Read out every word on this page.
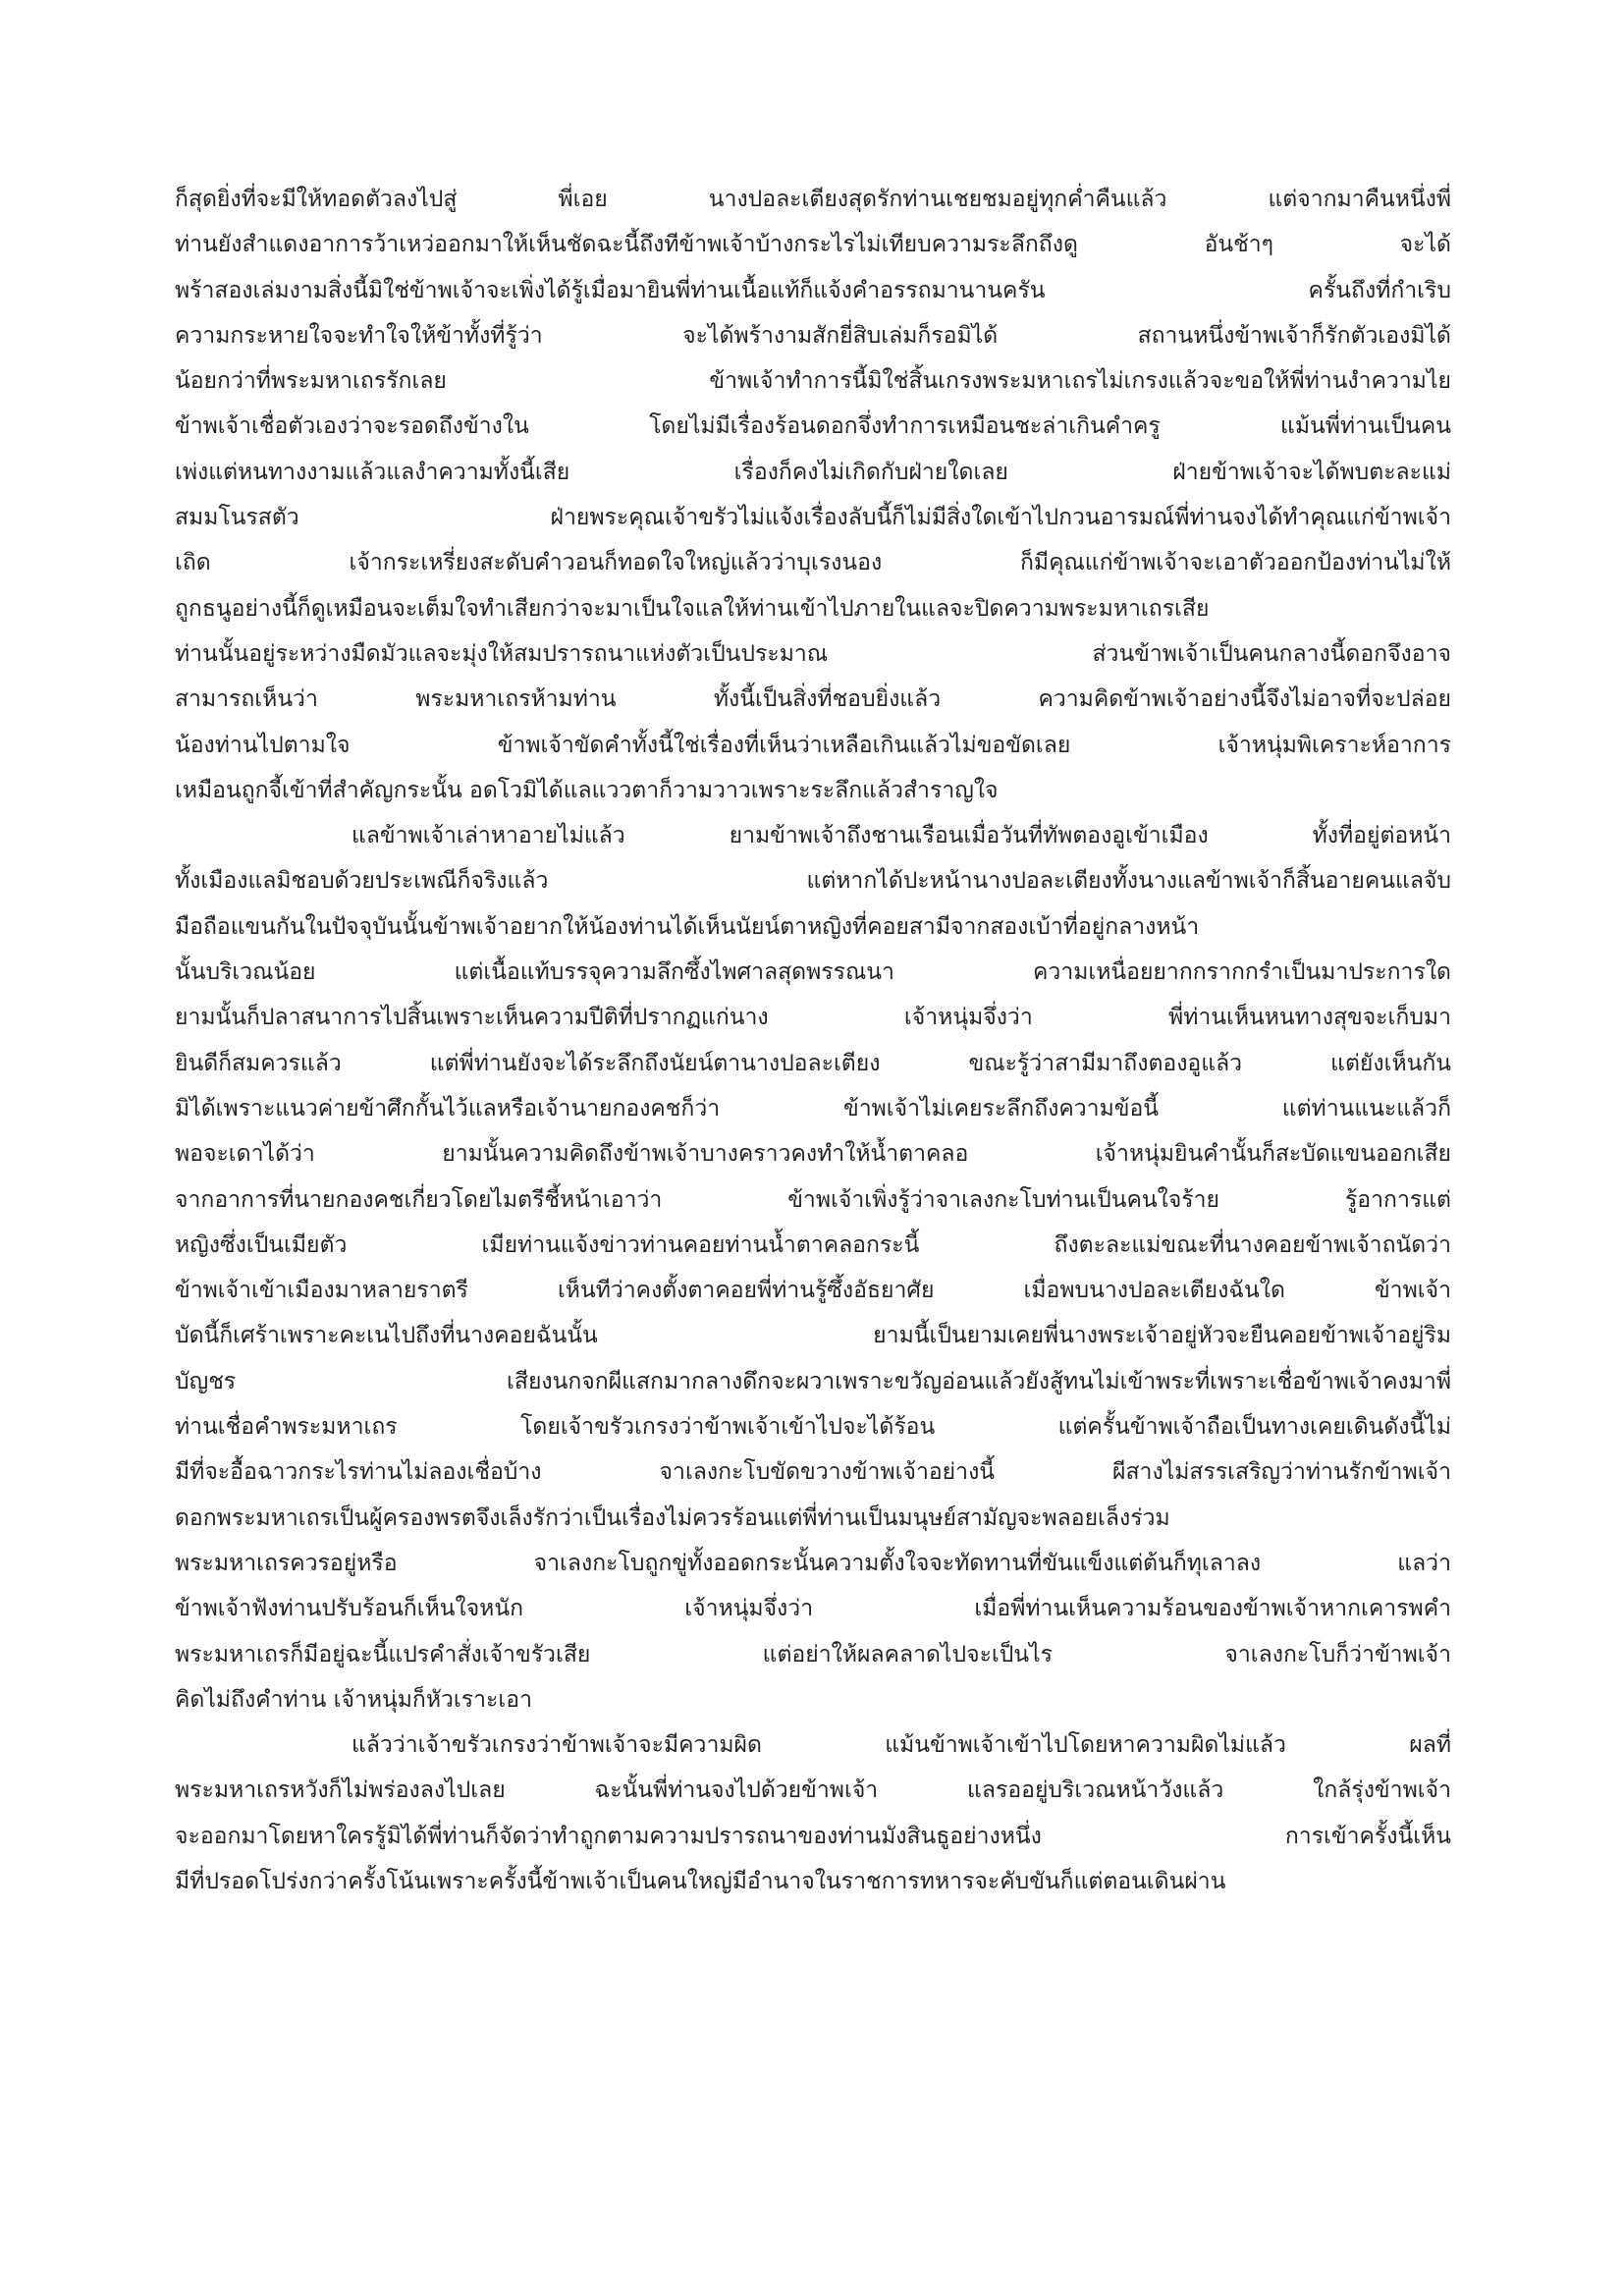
ก็สุดยิ่งที่จะมีให้ทอดตัวลงไปสู่ พี่เอย นางปอละเตียงสุดรักท่านเชยชมอยู่ทุกค่ำคืนแล้ว แต่จากมาคืนหนึ่งพี่
ท่านยังสำแดงอาการว้าเหว่ออกมาให้เห็นชัดฉะนี้ถึงทีข้าพเจ้าบ้างกระไรไม่เทียบความระลึกถึงดู อันช้าๆ จะได้
พร้าสองเล่มงามสิ่งนี้มิใช่ข้าพเจ้าจะเพิ่งได้รู้เมื่อมายินพี่ท่านเนื้อแท้ก็แจ้งคำอรรถมานานครัน ครั้นถึงที่กำเริบ
ความกระหายใจจะทำใจให้ข้าทั้งที่รู้ว่า จะได้พร้างามสักยี่สิบเล่มก็รอมิได้ สถานหนึ่งข้าพเจ้าก็รักตัวเองมิได้
น้อยกว่าที่พระมหาเถรรักเลย ข้าพเจ้าทำการนี้มิใช่สิ้นเกรงพระมหาเถรไม่เกรงแล้วจะขอให้พี่ท่านงำความไย
ข้าพเจ้าเชื่อตัวเองว่าจะรอดถึงข้างใน โดยไม่มีเรื่องร้อนดอกจึ่งทำการเหมือนชะล่าเกินคำครู แม้นพี่ท่านเป็นคน
เพ่งแต่หนทางงามแล้วแลงำความทั้งนี้เสีย เรื่องก็คงไม่เกิดกับฝ่ายใดเลย ฝ่ายข้าพเจ้าจะได้พบตะละแม่
สมมโนรสตัว ฝ่ายพระคุณเจ้าขรัวไม่แจ้งเรื่องลับนี้ก็ไม่มีสิ่งใดเข้าไปกวนอารมณ์พี่ท่านจงได้ทำคุณแก่ข้าพเจ้า
เถิด เจ้ากระเหรี่ยงสะดับคำวอนก็ทอดใจใหญ่แล้วว่าบุเรงนอง ก็มีคุณแก่ข้าพเจ้าจะเอาตัวออกป้องท่านไม่ให้
ถูกธนูอย่างนี้ก็ดูเหมือนจะเต็มใจทำเสียกว่าจะมาเป็นใจแลให้ท่านเข้าไปภายในแลจะปิดความพระมหาเถรเสีย
ท่านนั้นอยู่ระหว่างมืดมัวแลจะมุ่งให้สมปรารถนาแห่งตัวเป็นประมาณ ส่วนข้าพเจ้าเป็นคนกลางนี้ดอกจึงอาจ
สามารถเห็นว่า พระมหาเถรห้ามท่าน ทั้งนี้เป็นสิ่งที่ชอบยิ่งแล้ว ความคิดข้าพเจ้าอย่างนี้จึงไม่อาจที่จะปล่อย
น้องท่านไปตามใจ ข้าพเจ้าขัดคำทั้งนี้ใช่เรื่องที่เห็นว่าเหลือเกินแล้วไม่ขอขัดเลย เจ้าหนุ่มพิเคราะห์อาการ
เหมือนถูกจี้เข้าที่สำคัญกระนั้น อดโวมิได้แลแววตาก็วามวาวเพราะระลึกแล้วสำราญใจ
แลข้าพเจ้าเล่าหาอายไม่แล้ว ยามข้าพเจ้าถึงชานเรือนเมื่อวันที่ทัพตองอูเข้าเมือง ทั้งที่อยู่ต่อหน้า
ทั้งเมืองแลมิชอบด้วยประเพณีก็จริงแล้ว แต่หากได้ปะหน้านางปอละเตียงทั้งนางแลข้าพเจ้าก็สิ้นอายคนแลจับ
มือถือแขนกันในปัจจุบันนั้นข้าพเจ้าอยากให้น้องท่านได้เห็นนัยน์ตาหญิงที่คอยสามีจากสองเบ้าที่อยู่กลางหน้า
นั้นบริเวณน้อย แต่เนื้อแท้บรรจุความลึกซึ้งไพศาลสุดพรรณนา ความเหนื่อยยากกรากกรำเป็นมาประการใด
ยามนั้นก็ปลาสนาการไปสิ้นเพราะเห็นความปีติที่ปรากฏแก่นาง เจ้าหนุ่มจึ่งว่า พี่ท่านเห็นหนทางสุขจะเก็บมา
ยินดีก็สมควรแล้ว แต่พี่ท่านยังจะได้ระลึกถึงนัยน์ตานางปอละเตียง ขณะรู้ว่าสามีมาถึงตองอูแล้ว แต่ยังเห็นกัน
มิได้เพราะแนวค่ายข้าศึกกั้นไว้แลหรือเจ้านายกองคชก็ว่า ข้าพเจ้าไม่เคยระลึกถึงความข้อนี้ แต่ท่านแนะแล้วก็
พอจะเดาได้ว่า ยามนั้นความคิดถึงข้าพเจ้าบางคราวคงทำให้น้ำตาคลอ เจ้าหนุ่มยินคำนั้นก็สะบัดแขนออกเสีย
จากอาการที่นายกองคชเกี่ยวโดยไมตรีชี้หน้าเอาว่า ข้าพเจ้าเพิ่งรู้ว่าจาเลงกะโบท่านเป็นคนใจร้าย รู้อาการแต่
หญิงซึ่งเป็นเมียตัว เมียท่านแจ้งข่าวท่านคอยท่านน้ำตาคลอกระนี้ ถึงตะละแม่ขณะที่นางคอยข้าพเจ้าถนัดว่า
ข้าพเจ้าเข้าเมืองมาหลายราตรี เห็นทีว่าคงตั้งตาคอยพี่ท่านรู้ซึ้งอัธยาศัย เมื่อพบนางปอละเตียงฉันใด ข้าพเจ้า
บัดนี้ก็เศร้าเพราะคะเนไปถึงที่นางคอยฉันนั้น ยามนี้เป็นยามเคยพี่นางพระเจ้าอยู่หัวจะยืนคอยข้าพเจ้าอยู่ริม
บัญชร เสียงนกจกผีแสกมากลางดึกจะผวาเพราะขวัญอ่อนแล้วยังสู้ทนไม่เข้าพระที่เพราะเชื่อข้าพเจ้าคงมาพี่
ท่านเชื่อคำพระมหาเถร โดยเจ้าขรัวเกรงว่าข้าพเจ้าเข้าไปจะได้ร้อน แต่ครั้นข้าพเจ้าถือเป็นทางเคยเดินดังนี้ไม่
มีที่จะอื้อฉาวกระไรท่านไม่ลองเชื่อบ้าง จาเลงกะโบขัดขวางข้าพเจ้าอย่างนี้ ผีสางไม่สรรเสริญว่าท่านรักข้าพเจ้า
ดอกพระมหาเถรเป็นผู้ครองพรตจึงเล็งรักว่าเป็นเรื่องไม่ควรร้อนแต่พี่ท่านเป็นมนุษย์สามัญจะพลอยเล็งร่วม
พระมหาเถรควรอยู่หรือ จาเลงกะโบถูกขู่ทั้งออดกระนั้นความตั้งใจจะทัดทานที่ขันแข็งแต่ต้นก็ทุเลาลง แลว่า
ข้าพเจ้าฟังท่านปรับร้อนก็เห็นใจหนัก เจ้าหนุ่มจึ่งว่า เมื่อพี่ท่านเห็นความร้อนของข้าพเจ้าหากเคารพคำ
พระมหาเถรก็มีอยู่ฉะนี้แปรคำสั่งเจ้าขรัวเสีย แต่อย่าให้ผลคลาดไปจะเป็นไร จาเลงกะโบก็ว่าข้าพเจ้า
คิดไม่ถึงคำท่าน เจ้าหนุ่มก็หัวเราะเอา
แล้วว่าเจ้าขรัวเกรงว่าข้าพเจ้าจะมีความผิด แม้นข้าพเจ้าเข้าไปโดยหาความผิดไม่แล้ว ผลที่
พระมหาเถรหวังก็ไม่พร่องลงไปเลย ฉะนั้นพี่ท่านจงไปด้วยข้าพเจ้า แลรออยู่บริเวณหน้าวังแล้ว ใกล้รุ่งข้าพเจ้า
จะออกมาโดยหาใครรู้มิได้พี่ท่านก็จัดว่าทำถูกตามความปรารถนาของท่านมังสินธูอย่างหนึ่ง การเข้าครั้งนี้เห็น
มีที่ปรอดโปร่งกว่าครั้งโน้นเพราะครั้งนี้ข้าพเจ้าเป็นคนใหญ่มีอำนาจในราชการทหารจะคับขันก็แต่ตอนเดินผ่าน
